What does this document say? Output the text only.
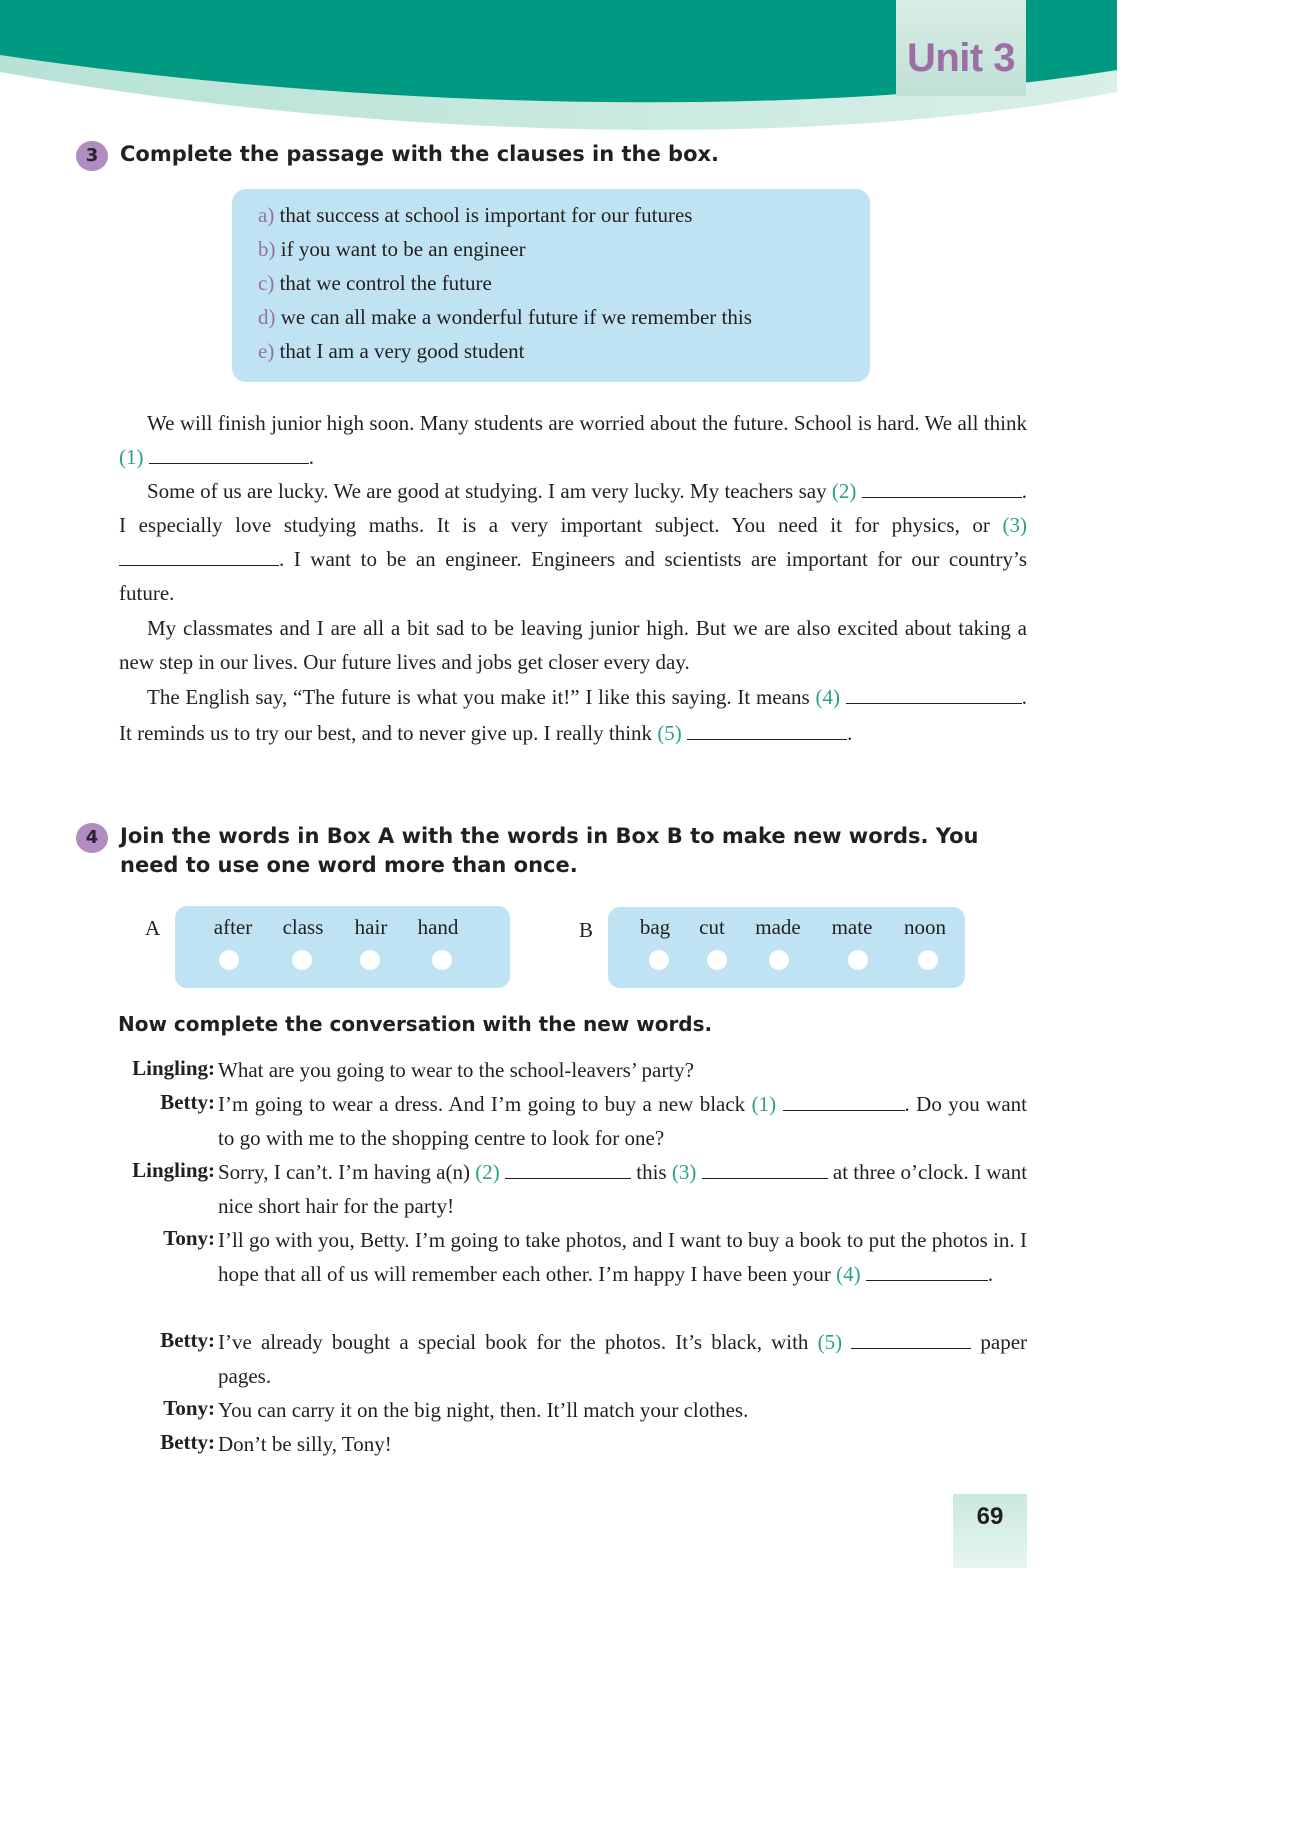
Unit 3
3	Complete the passage with the clauses in the box.
a) that success at school is important for our futures
b) if you want to be an engineer
c) that we control the future
d) we can all make a wonderful future if we remember this
e) that I am a very good student

We will finish junior high soon. Many students are worried about the future. School is hard. We all think (1)	.

Some of us are lucky. We are good at studying. I am very lucky. My teachers say (2)	. I especially love studying maths. It is a very important subject. You need it for physics, or (3) . I want to be an engineer. Engineers and scientists are important for our country’s future.

My classmates and I are all a bit sad to be leaving junior high. But we are also excited about taking a new step in our lives. Our future lives and jobs get closer every day.

The English say, “The future is what you make it!” I like this saying. It means (4)	. It reminds us to try our best, and to never give up. I really think (5)	.

4	Join the words in Box A with the words in Box B to make new words. You need to use one word more than once.
A	after class hair hand	B bag cut made mate noon
Now complete the conversation with the new words.
Lingling: What are you going to wear to the school-leavers’ party?
Betty: I’m going to wear a dress. And I’m going to buy a new black (1)	. Do you want to go with me to the shopping centre to look for one?
Lingling: Sorry, I can’t. I’m having a(n) (2)	this (3)	at three o’clock. I want nice short hair for the party!
Tony: I’ll go with you, Betty. I’m going to take photos, and I want to buy a book to put the photos in. I hope that all of us will remember each other. I’m happy I have been your (4)	.
Betty: I’ve already bought a special book for the photos. It’s black, with (5)	paper pages.
Tony: You can carry it on the big night, then. It’ll match your clothes.
Betty: Don’t be silly, Tony!
69
